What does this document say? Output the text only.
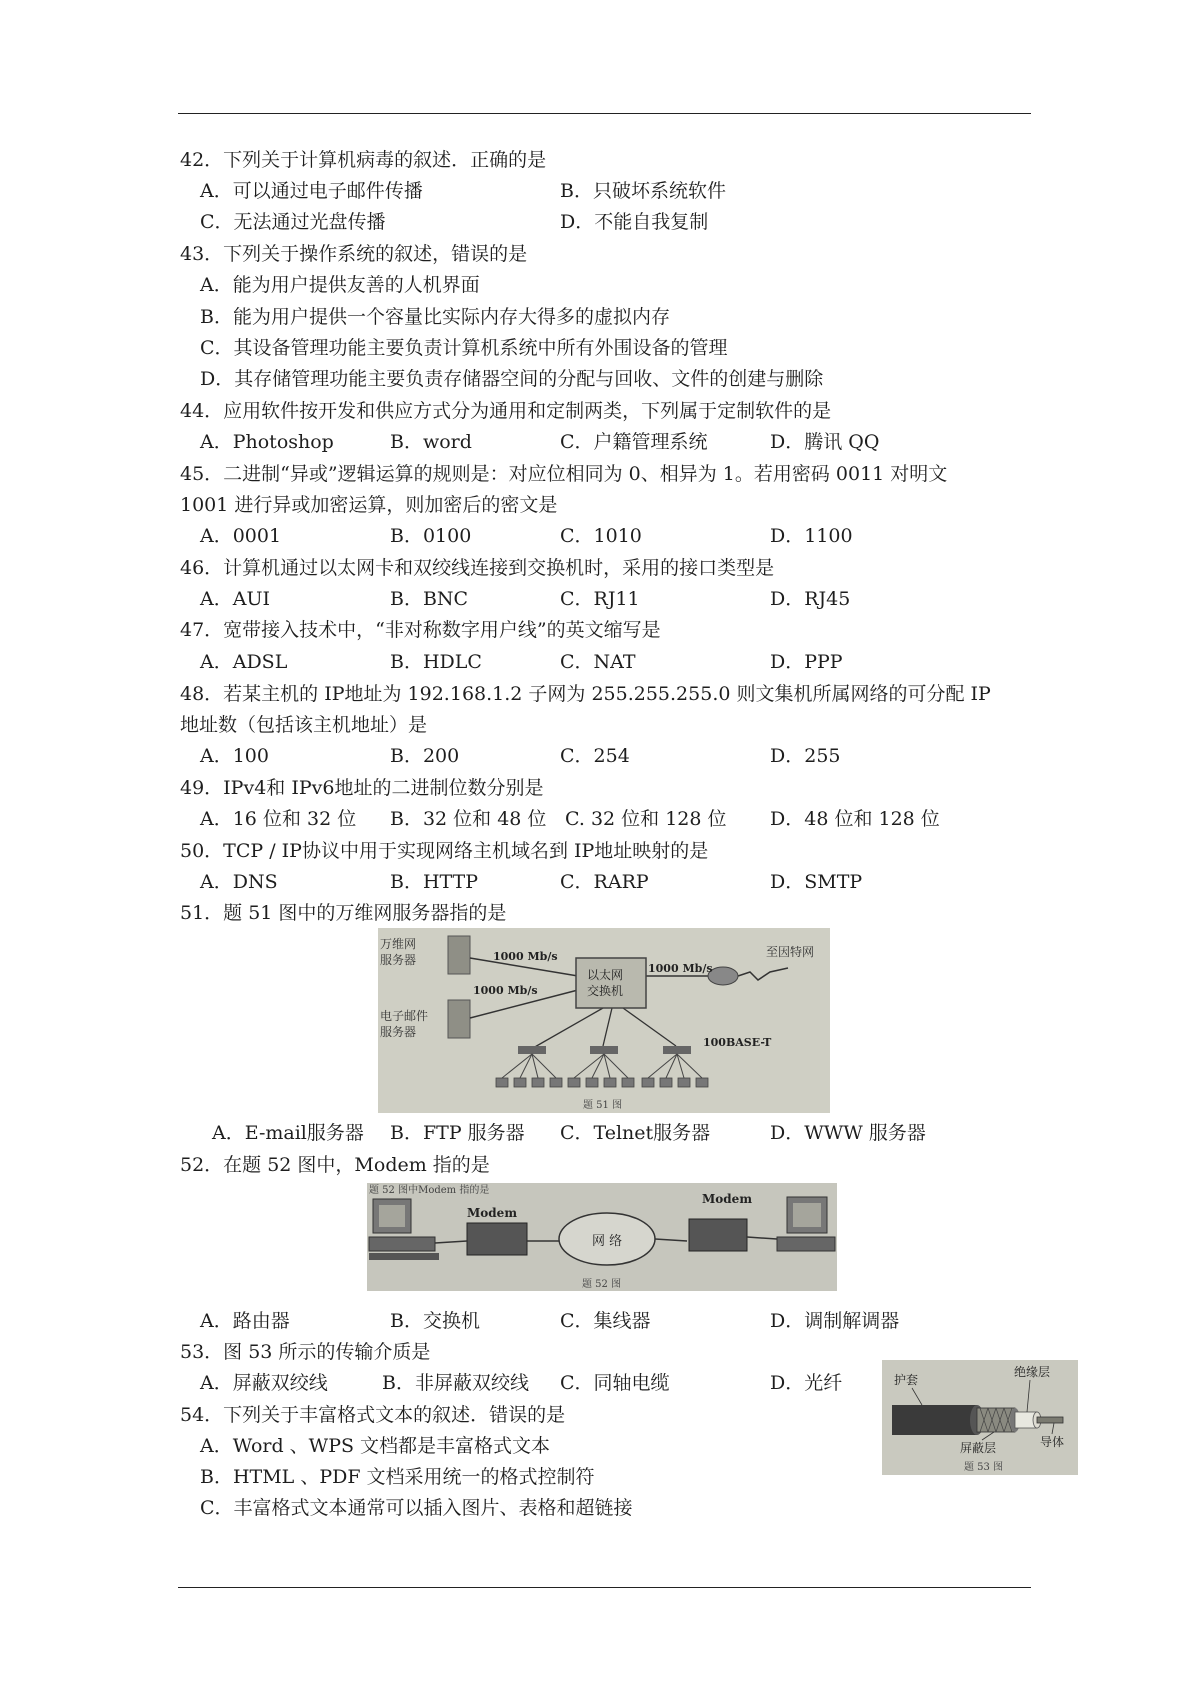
42．下列关于计算机病毒的叙述．正确的是
A．可以通过电子邮件传播	B．只破坏系统软件
C．无法通过光盘传播	D．不能自我复制
43．下列关于操作系统的叙述，错误的是
A．能为用户提供友善的人机界面
B．能为用户提供一个容量比实际内存大得多的虚拟内存
C．其设备管理功能主要负责计算机系统中所有外围设备的管理
D．其存储管理功能主要负责存储器空间的分配与回收、文件的创建与删除
44．应用软件按开发和供应方式分为通用和定制两类，下列属于定制软件的是
A．Photoshop	B．word	C．户籍管理系统	D．腾讯 QQ
45．二进制“异或”逻辑运算的规则是：对应位相同为 0、相异为 1。若用密码 0011 对明文
1001 进行异或加密运算，则加密后的密文是
A．0001	B．0100	C．1010	D．1100
46．计算机通过以太网卡和双绞线连接到交换机时，采用的接口类型是
A．AUI	B．BNC	C．RJ11	D．RJ45
47．宽带接入技术中，“非对称数字用户线”的英文缩写是
A．ADSL	B．HDLC	C．NAT	D．PPP
48．若某主机的 IP地址为 192.168.1.2 子网为 255.255.255.0 则文集机所属网络的可分配 IP
地址数（包括该主机地址）是
A．100	B．200	C．254	D．255
49．IPv4和 IPv6地址的二进制位数分别是
A．16 位和 32 位 B．32 位和 48 位 C. 32 位和 128 位 D．48 位和 128 位
50．TCP / IP协议中用于实现网络主机域名到 IP地址映射的是
A．DNS	B．HTTP	C．RARP	D．SMTP
51．题 51 图中的万维网服务器指的是
万维网
服务器
电子邮件
服务器
以太网
交换机
1000 Mb/s
1000 Mb/s
1000 Mb/s
至因特网
100BASE-T
题 51 图
A．E-mail服务器 B．FTP 服务器 C．Telnet服务器	D．WWW 服务器
52．在题 52 图中，Modem 指的是
题 52 图中Modem 指的是
Modem
网 络
Modem
题 52 图
A．路由器	B．交换机	C．集线器	D．调制解调器
53．图 53 所示的传输介质是
A．屏蔽双绞线	B．非屏蔽双绞线 C．同轴电缆	D．光纤	护套
绝缘层
屏蔽层	导体
题 53 图
54．下列关于丰富格式文本的叙述．错误的是
A．Word 、WPS 文档都是丰富格式文本
B．HTML 、PDF 文档采用统一的格式控制符
C．丰富格式文本通常可以插入图片、表格和超链接
